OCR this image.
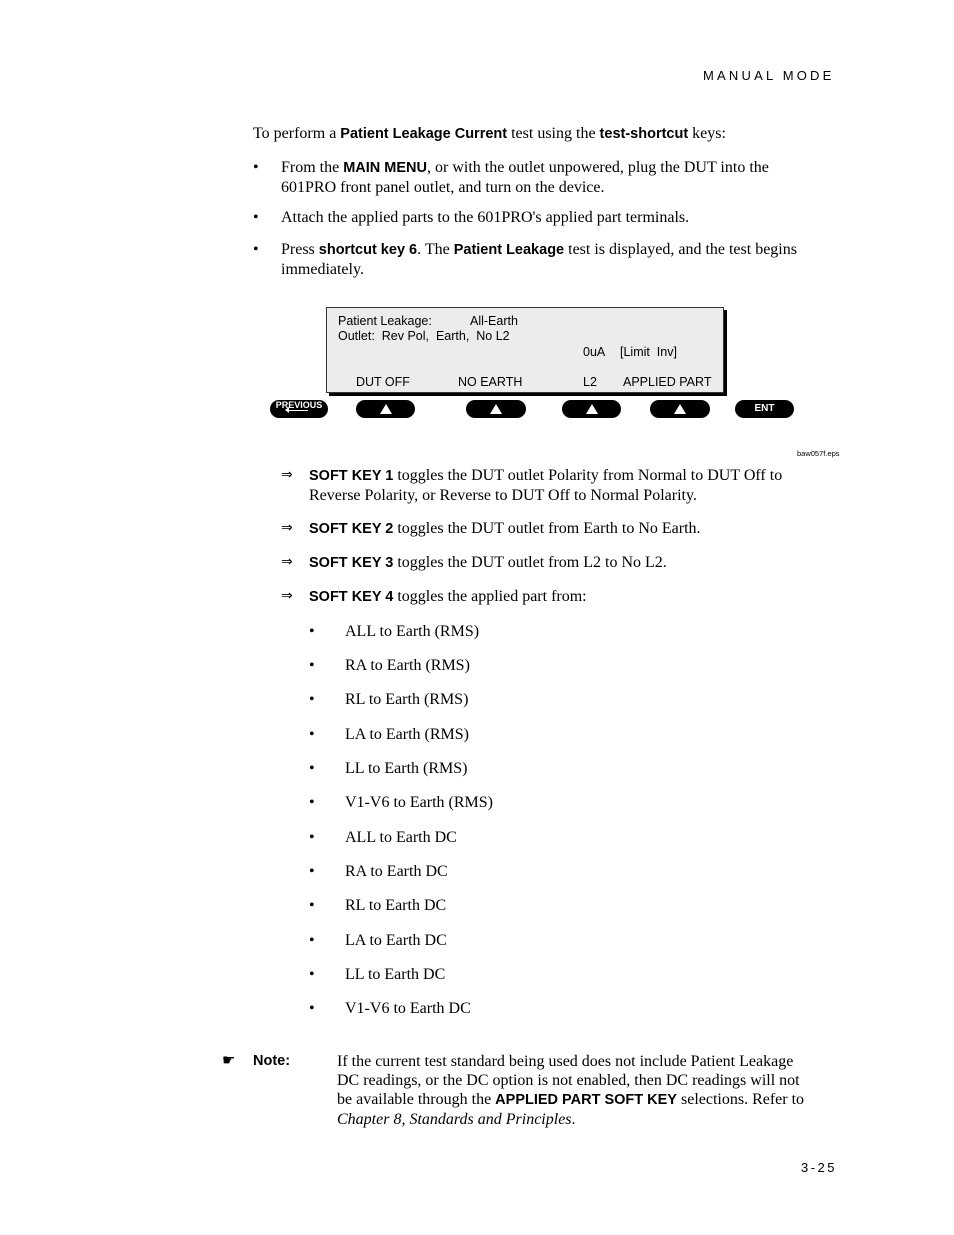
MANUAL MODE
To perform a Patient Leakage Current test using the test-shortcut keys:
• From the MAIN MENU, or with the outlet unpowered, plug the DUT into the
601PRO front panel outlet, and turn on the device.
• Attach the applied parts to the 601PRO's applied part terminals.
• Press shortcut key 6. The Patient Leakage test is displayed, and the test begins
immediately.
Patient Leakage:	All-Earth
Outlet:  Rev Pol,  Earth,  No L2
0uA [Limit  Inv]
DUT OFF	NO EARTH	L2 APPLIED PART
PREVIOUS	ENT
baw057f.eps
⇒ SOFT KEY 1 toggles the DUT outlet Polarity from Normal to DUT Off to
Reverse Polarity, or Reverse to DUT Off to Normal Polarity.
⇒ SOFT KEY 2 toggles the DUT outlet from Earth to No Earth.
⇒ SOFT KEY 3 toggles the DUT outlet from L2 to No L2.
⇒ SOFT KEY 4 toggles the applied part from:
• ALL to Earth (RMS)
• RA to Earth (RMS)
• RL to Earth (RMS)
• LA to Earth (RMS)
• LL to Earth (RMS)
• V1-V6 to Earth (RMS)
• ALL to Earth DC
• RA to Earth DC
• RL to Earth DC
• LA to Earth DC
• LL to Earth DC
• V1-V6 to Earth DC
☛ Note:	If the current test standard being used does not include Patient Leakage
DC readings, or the DC option is not enabled, then DC readings will not
be available through the APPLIED PART SOFT KEY selections. Refer to
Chapter 8, Standards and Principles.
3-25
